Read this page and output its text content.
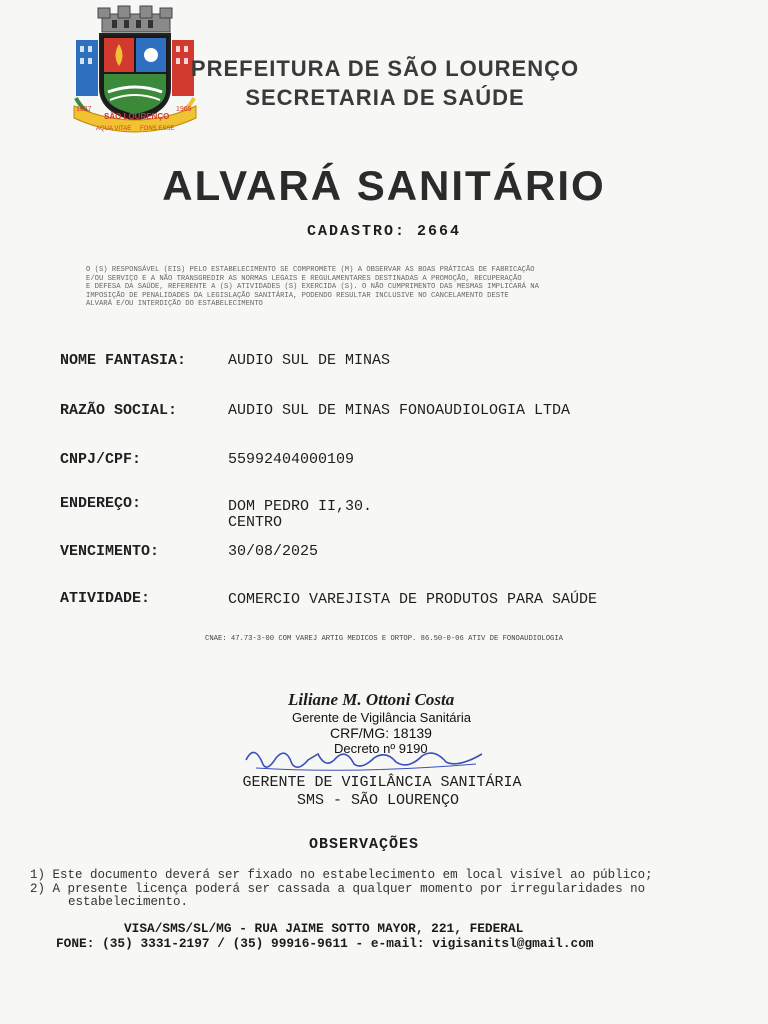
SÃO LOURENÇO
1927	1969
AQUA VITAE FONS ESSE
PREFEITURA DE SÃO LOURENÇO
SECRETARIA DE SAÚDE
ALVARÁ SANITÁRIO
CADASTRO: 2664
O (S) RESPONSÁVEL (EIS) PELO ESTABELECIMENTO SE COMPROMETE (M) A OBSERVAR AS BOAS PRÁTICAS DE FABRICAÇÃO
E/OU SERVIÇO E A NÃO TRANSGREDIR AS NORMAS LEGAIS E REGULAMENTARES DESTINADAS A PROMOÇÃO, RECUPERAÇÃO
E DEFESA DA SAÚDE, REFERENTE A (S) ATIVIDADES (S) EXERCIDA (S). O NÃO CUMPRIMENTO DAS MESMAS IMPLICARÁ NA
IMPOSIÇÃO DE PENALIDADES DA LEGISLAÇÃO SANITÁRIA, PODENDO RESULTAR INCLUSIVE NO CANCELAMENTO DESTE
ALVARÁ E/OU INTERDIÇÃO DO ESTABELECIMENTO
NOME FANTASIA:	AUDIO SUL DE MINAS
RAZÃO SOCIAL:	AUDIO SUL DE MINAS FONOAUDIOLOGIA LTDA
CNPJ/CPF:	55992404000109
ENDEREÇO:	DOM PEDRO II,30.
CENTRO
VENCIMENTO:	30/08/2025
ATIVIDADE:	COMERCIO VAREJISTA DE PRODUTOS PARA SAÚDE
CNAE: 47.73-3-00 COM VAREJ ARTIG MEDICOS E ORTOP. 86.50-0-06 ATIV DE FONOAUDIOLOGIA
Liliane M. Ottoni Costa
Gerente de Vigilância Sanitária
CRF/MG: 18139
Decreto nº 9190
GERENTE DE VIGILÂNCIA SANITÁRIA
SMS - SÃO LOURENÇO
OBSERVAÇÕES
1) Este documento deverá ser fixado no estabelecimento em local visível ao público;
2) A presente licença poderá ser cassada a qualquer momento por irregularidades no
estabelecimento.
VISA/SMS/SL/MG - RUA JAIME SOTTO MAYOR, 221, FEDERAL
FONE: (35) 3331-2197 / (35) 99916-9611 - e-mail: vigisanitsl@gmail.com
